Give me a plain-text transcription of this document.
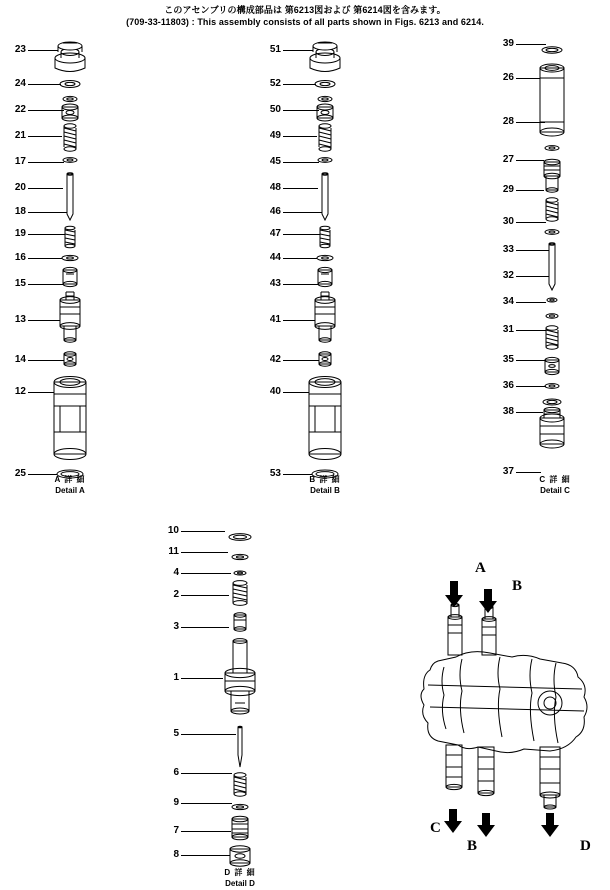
このアセンブリの構成部品は 第6213図および 第6214図を含みます。
(709-33-11803) : This assembly consists of all parts shown in Figs. 6213 and 6214.
A 詳 細
Detail A
23
24
22
21
17
20
18
19
16
15
13
14
12
25
B 詳 細
Detail B
51
52
50
49
45
48
46
47
44
43
41
42
40
53
C 詳 細
Detail C
39
26
28
27
29
30
33
32
34
31
35
36
38
37
D 詳 細
Detail D
10
11
4
2
3
1
5
6
9
7
8
A
B
C
B	D
